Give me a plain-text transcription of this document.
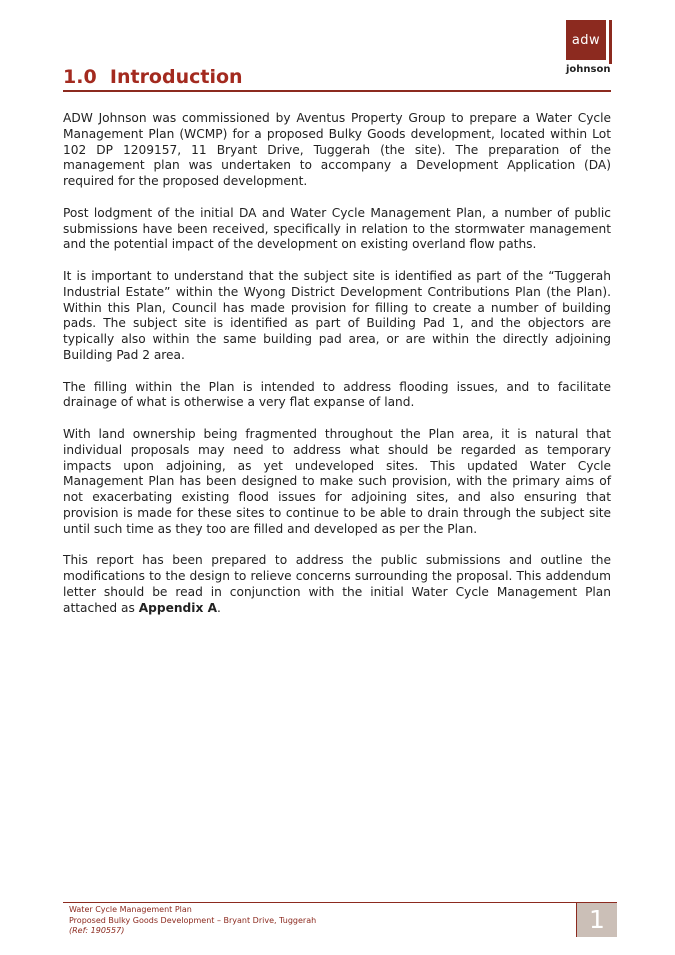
adw
johnson
1.0  Introduction

ADW Johnson was commissioned by Aventus Property Group to prepare a Water Cycle Management Plan (WCMP) for a proposed Bulky Goods development, located within Lot 102 DP 1209157, 11 Bryant Drive, Tuggerah (the site). The preparation of the management plan was undertaken to accompany a Development Application (DA) required for the proposed development.

Post lodgment of the initial DA and Water Cycle Management Plan, a number of public submissions have been received, specifically in relation to the stormwater management and the potential impact of the development on existing overland flow paths.

It is important to understand that the subject site is identified as part of the “Tuggerah Industrial Estate” within the Wyong District Development Contributions Plan (the Plan). Within this Plan, Council has made provision for filling to create a number of building pads. The subject site is identified as part of Building Pad 1, and the objectors are typically also within the same building pad area, or are within the directly adjoining Building Pad 2 area.

The filling within the Plan is intended to address flooding issues, and to facilitate drainage of what is otherwise a very flat expanse of land.

With land ownership being fragmented throughout the Plan area, it is natural that individual proposals may need to address what should be regarded as temporary impacts upon adjoining, as yet undeveloped sites. This updated Water Cycle Management Plan has been designed to make such provision, with the primary aims of not exacerbating existing flood issues for adjoining sites, and also ensuring that provision is made for these sites to continue to be able to drain through the subject site until such time as they too are filled and developed as per the Plan.

This report has been prepared to address the public submissions and outline the modifications to the design to relieve concerns surrounding the proposal. This addendum letter should be read in conjunction with the initial Water Cycle Management Plan attached as Appendix A.

Water Cycle Management Plan
Proposed Bulky Goods Development – Bryant Drive, Tuggerah
(Ref: 190557)	1
